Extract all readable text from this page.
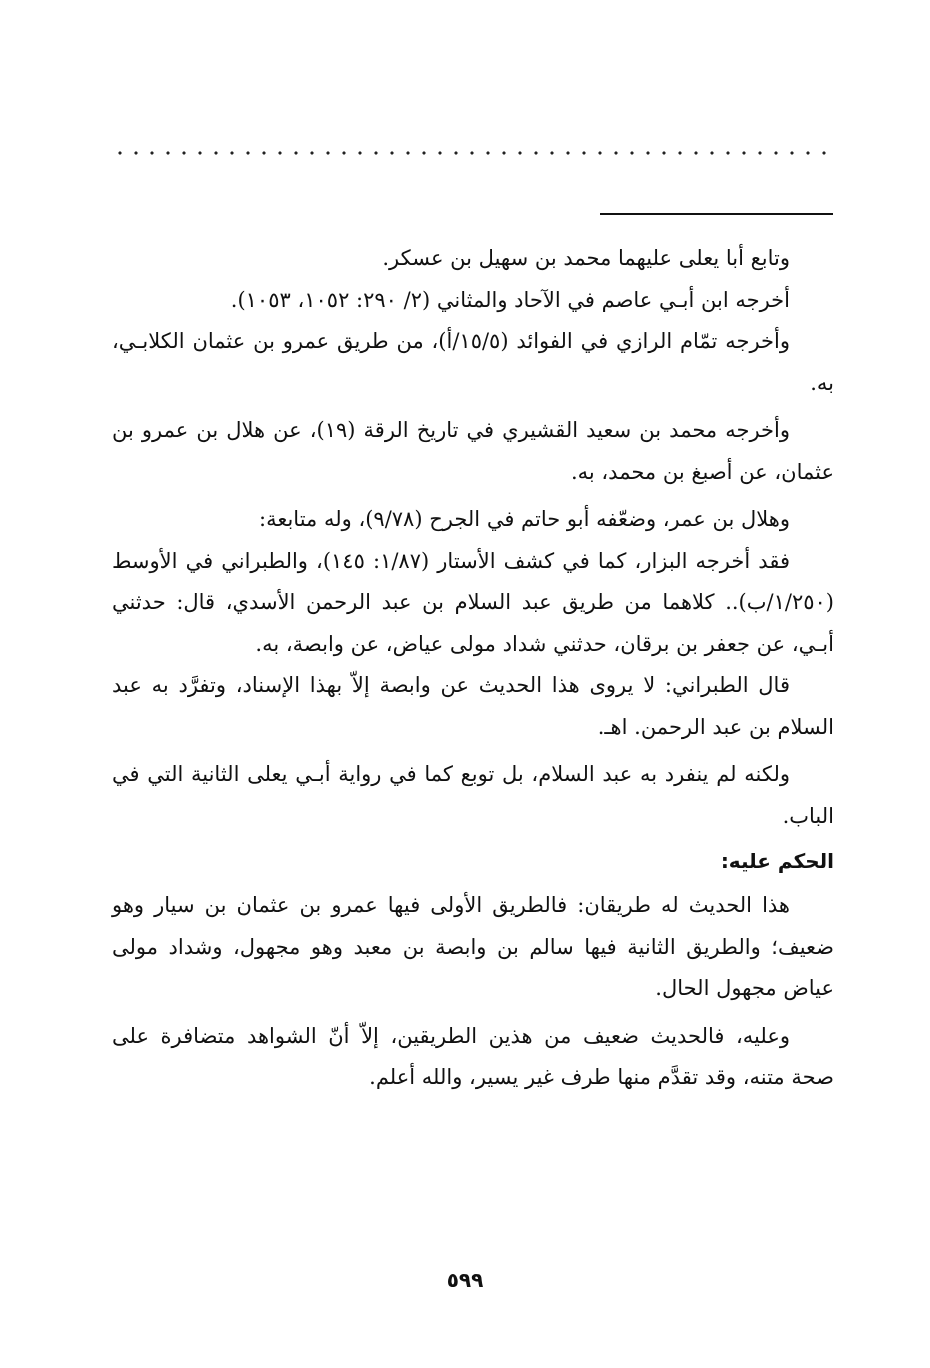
وتابع أبا يعلى عليهما محمد بن سهيل بن عسكر.

أخرجه ابن أبـي عاصم في الآحاد والمثاني (٢/ ٢٩٠: ١٠٥٢، ١٠٥٣).

وأخرجه تمّام الرازي في الفوائد (١٥/٥/أ)، من طريق عمرو بن عثمان الكلابـي، به.

وأخرجه محمد بن سعيد القشيري في تاريخ الرقة (١٩)، عن هلال بن عمرو بن عثمان، عن أصبغ بن محمد، به.

وهلال بن عمر، وضعّفه أبو حاتم في الجرح (٩/٧٨)، وله متابعة:

فقد أخرجه البزار، كما في كشف الأستار (١/٨٧: ١٤٥)، والطبراني في الأوسط (١/٢٥٠/ب).. كلاهما من طريق عبد السلام بن عبد الرحمن الأسدي، قال: حدثني أبـي، عن جعفر بن برقان، حدثني شداد مولى عياض، عن وابصة، به.

قال الطبراني: لا يروى هذا الحديث عن وابصة إلاّ بهذا الإسناد، وتفرَّد به عبد السلام بن عبد الرحمن. اهـ.

ولكنه لم ينفرد به عبد السلام، بل توبع كما في رواية أبـي يعلى الثانية التي في الباب.

الحكم عليه:

هذا الحديث له طريقان: فالطريق الأولى فيها عمرو بن عثمان بن سيار وهو ضعيف؛ والطريق الثانية فيها سالم بن وابصة بن معبد وهو مجهول، وشداد مولى عياض مجهول الحال.

وعليه، فالحديث ضعيف من هذين الطريقين، إلاّ أنّ الشواهد متضافرة على صحة متنه، وقد تقدَّم منها طرف غير يسير، والله أعلم.

٥٩٩
